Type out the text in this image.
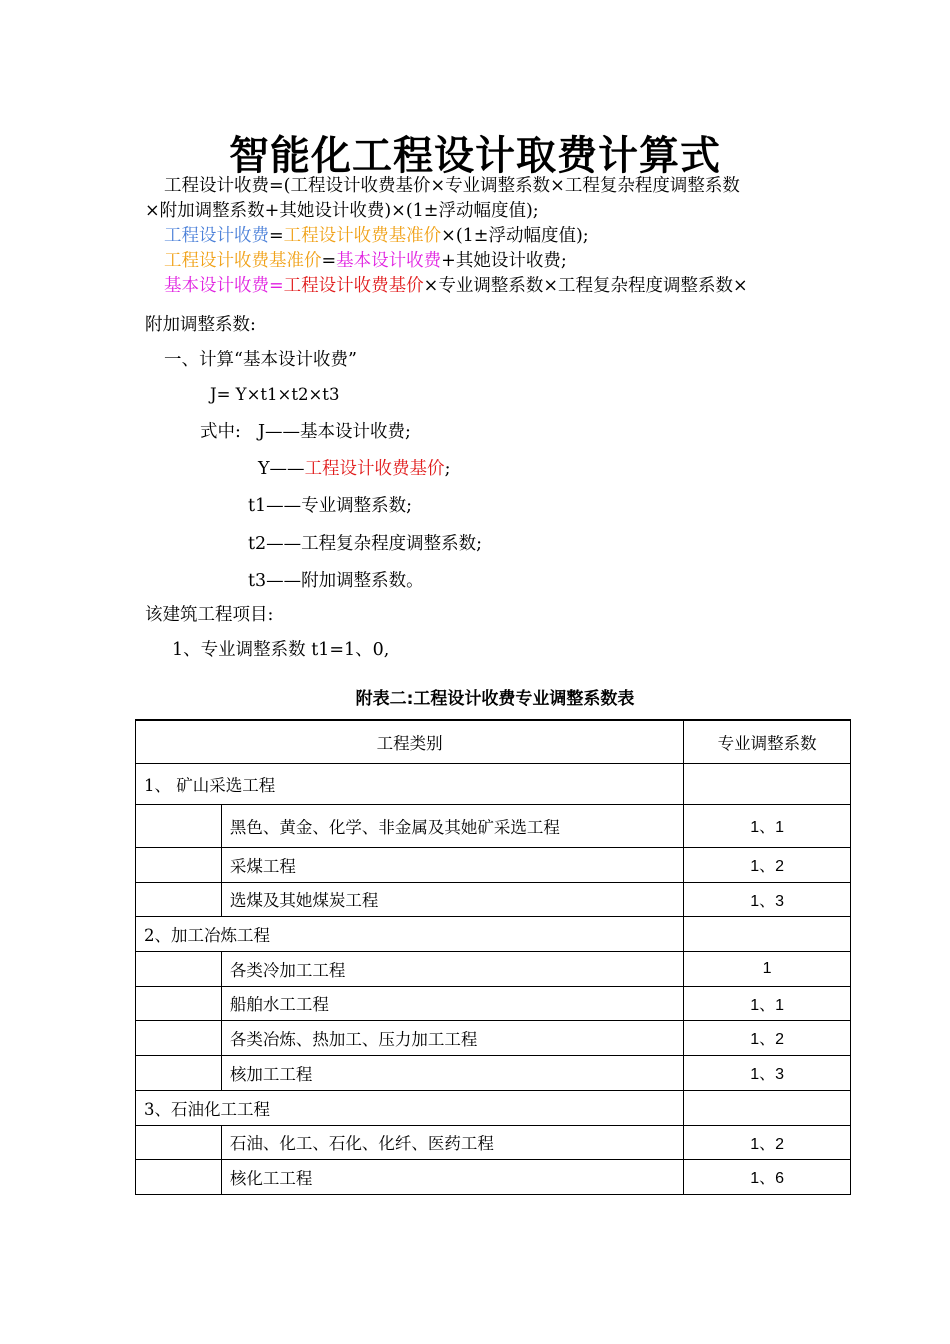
智能化工程设计取费计算式
工程设计收费=(工程设计收费基价×专业调整系数×工程复杂程度调整系数
×附加调整系数+其她设计收费)×(1±浮动幅度值);
工程设计收费=工程设计收费基准价×(1±浮动幅度值);
工程设计收费基准价=基本设计收费+其她设计收费;
基本设计收费=工程设计收费基价×专业调整系数×工程复杂程度调整系数×
附加调整系数:
一、计算“基本设计收费”
J= Y×t1×t2×t3
式中: J——基本设计收费;
Y——工程设计收费基价;
t1——专业调整系数;
t2——工程复杂程度调整系数;
t3——附加调整系数。
该建筑工程项目:
1、专业调整系数 t1=1、0,
附表二:工程设计收费专业调整系数表
工程类别		专业调整系数
1、 矿山采选工程		
	黑色、黄金、化学、非金属及其她矿采选工程	1、1
	采煤工程	1、2
	选煤及其她煤炭工程	1、3
2、加工冶炼工程		
	各类冷加工工程	1
	船舶水工工程	1、1
	各类冶炼、热加工、压力加工工程	1、2
	核加工工程	1、3
3、石油化工工程		
	石油、化工、石化、化纤、医药工程	1、2
	核化工工程	1、6
